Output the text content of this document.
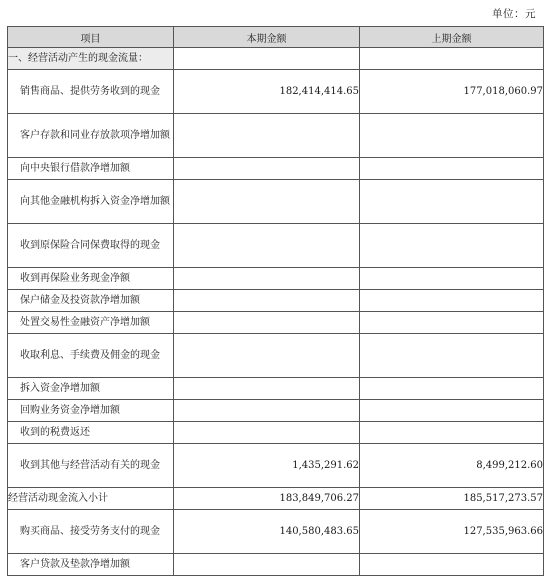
单位：元
项目	本期金额	上期金额
一、经营活动产生的现金流量：		
销售商品、提供劳务收到的现金	182,414,414.65	177,018,060.97
客户存款和同业存放款项净增加额		
向中央银行借款净增加额		
向其他金融机构拆入资金净增加额		
收到原保险合同保费取得的现金		
收到再保险业务现金净额		
保户储金及投资款净增加额		
处置交易性金融资产净增加额		
收取利息、手续费及佣金的现金		
拆入资金净增加额		
回购业务资金净增加额		
收到的税费返还		
收到其他与经营活动有关的现金	1,435,291.62	8,499,212.60
经营活动现金流入小计	183,849,706.27	185,517,273.57
购买商品、接受劳务支付的现金	140,580,483.65	127,535,963.66
客户贷款及垫款净增加额		
